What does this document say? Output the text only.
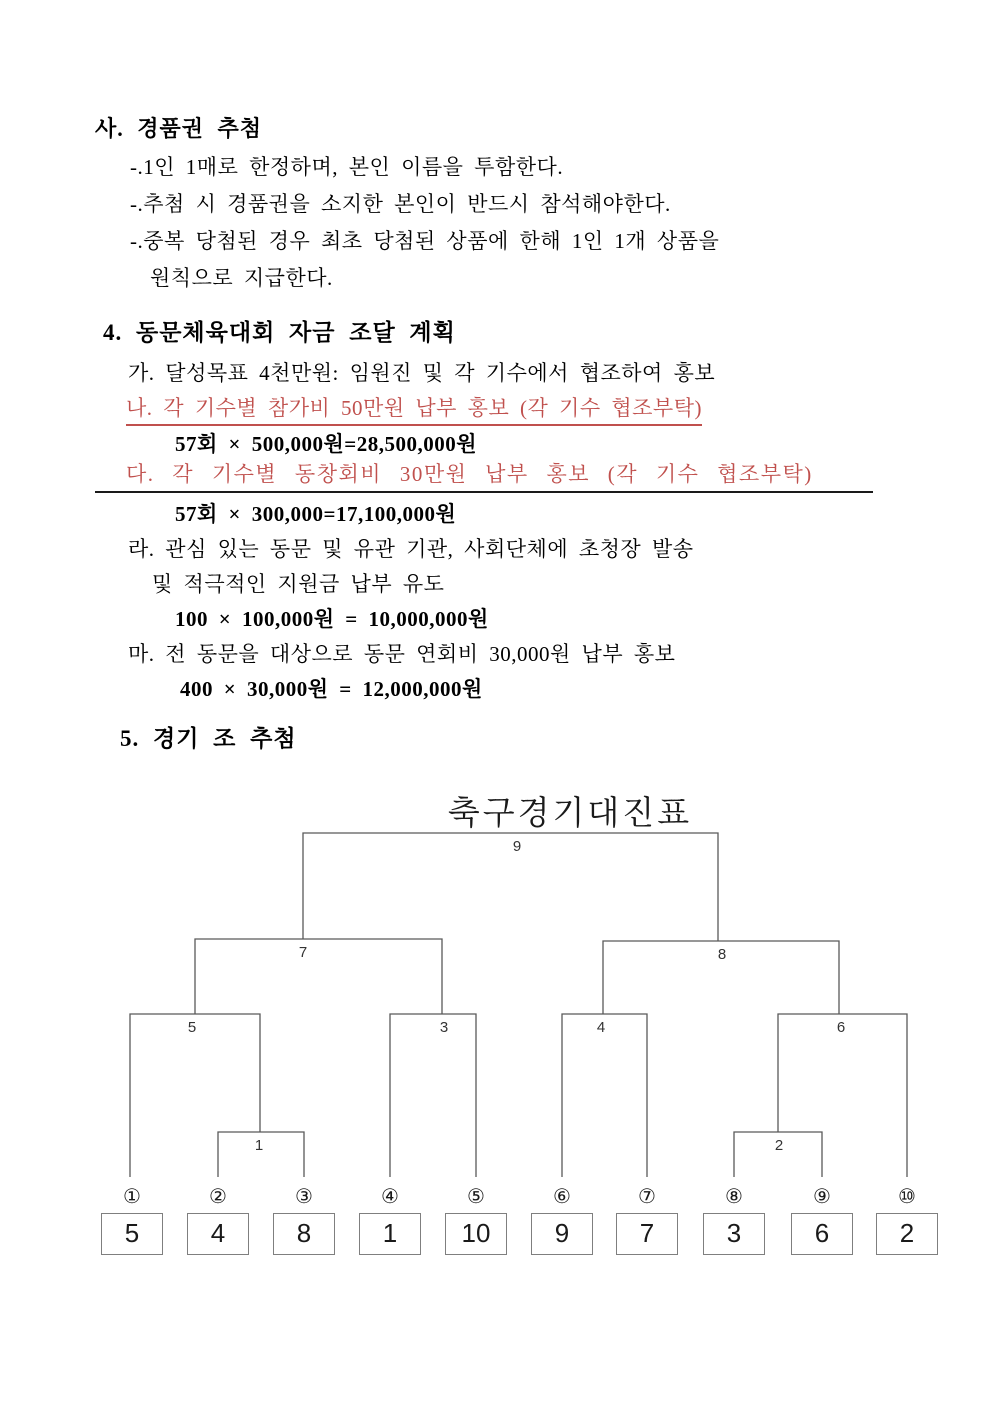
사. 경품권 추첨
-.1인 1매로 한정하며, 본인 이름을 투함한다.
-.추첨 시 경품권을 소지한 본인이 반드시 참석해야한다.
-.중복 당첨된 경우 최초 당첨된 상품에 한해 1인 1개 상품을
원칙으로 지급한다.
4. 동문체육대회 자금 조달 계획
가. 달성목표 4천만원: 임원진 및 각 기수에서 협조하여 홍보
나. 각 기수별 참가비 50만원 납부 홍보 (각 기수 협조부탁)
57회 × 500,000원=28,500,000원
다. 각 기수별 동창회비 30만원 납부 홍보 (각 기수 협조부탁)
57회 × 300,000=17,100,000원
라. 관심 있는 동문 및 유관 기관, 사회단체에 초청장 발송
및 적극적인 지원금 납부 유도
100 × 100,000원 = 10,000,000원
마. 전 동문을 대상으로 동문 연회비 30,000원 납부 홍보
400 × 30,000원 = 12,000,000원
5. 경기 조 추첨
축구경기대진표
9
7	8
5	3	4	6
1	2
①	②	③	④	⑤	⑥	⑦	⑧	⑨	⑩
5	4	8	1	10	9	7	3	6	2
